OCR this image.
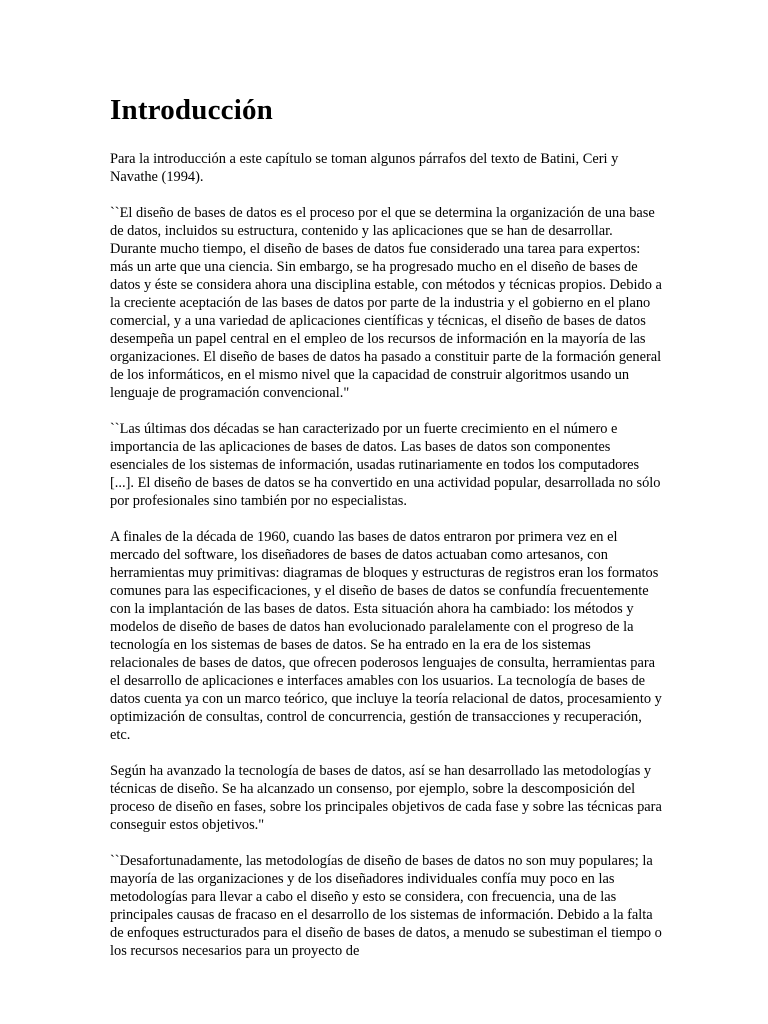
Introducción

Para la introducción a este capítulo se toman algunos párrafos del texto de Batini, Ceri y Navathe (1994).

``El diseño de bases de datos es el proceso por el que se determina la organización de una base de datos, incluidos su estructura, contenido y las aplicaciones que se han de desarrollar. Durante mucho tiempo, el diseño de bases de datos fue considerado una tarea para expertos: más un arte que una ciencia. Sin embargo, se ha progresado mucho en el diseño de bases de datos y éste se considera ahora una disciplina estable, con métodos y técnicas propios. Debido a la creciente aceptación de las bases de datos por parte de la industria y el gobierno en el plano comercial, y a una variedad de aplicaciones científicas y técnicas, el diseño de bases de datos desempeña un papel central en el empleo de los recursos de información en la mayoría de las organizaciones. El diseño de bases de datos ha pasado a constituir parte de la formación general de los informáticos, en el mismo nivel que la capacidad de construir algoritmos usando un lenguaje de programación convencional."

``Las últimas dos décadas se han caracterizado por un fuerte crecimiento en el número e importancia de las aplicaciones de bases de datos. Las bases de datos son componentes esenciales de los sistemas de información, usadas rutinariamente en todos los computadores [...]. El diseño de bases de datos se ha convertido en una actividad popular, desarrollada no sólo por profesionales sino también por no especialistas.

A finales de la década de 1960, cuando las bases de datos entraron por primera vez en el mercado del software, los diseñadores de bases de datos actuaban como artesanos, con herramientas muy primitivas: diagramas de bloques y estructuras de registros eran los formatos comunes para las especificaciones, y el diseño de bases de datos se confundía frecuentemente con la implantación de las bases de datos. Esta situación ahora ha cambiado: los métodos y modelos de diseño de bases de datos han evolucionado paralelamente con el progreso de la tecnología en los sistemas de bases de datos. Se ha entrado en la era de los sistemas relacionales de bases de datos, que ofrecen poderosos lenguajes de consulta, herramientas para el desarrollo de aplicaciones e interfaces amables con los usuarios. La tecnología de bases de datos cuenta ya con un marco teórico, que incluye la teoría relacional de datos, procesamiento y optimización de consultas, control de concurrencia, gestión de transacciones y recuperación, etc.

Según ha avanzado la tecnología de bases de datos, así se han desarrollado las metodologías y técnicas de diseño. Se ha alcanzado un consenso, por ejemplo, sobre la descomposición del proceso de diseño en fases, sobre los principales objetivos de cada fase y sobre las técnicas para conseguir estos objetivos."

``Desafortunadamente, las metodologías de diseño de bases de datos no son muy populares; la mayoría de las organizaciones y de los diseñadores individuales confía muy poco en las metodologías para llevar a cabo el diseño y esto se considera, con frecuencia, una de las principales causas de fracaso en el desarrollo de los sistemas de información. Debido a la falta de enfoques estructurados para el diseño de bases de datos, a menudo se subestiman el tiempo o los recursos necesarios para un proyecto de
